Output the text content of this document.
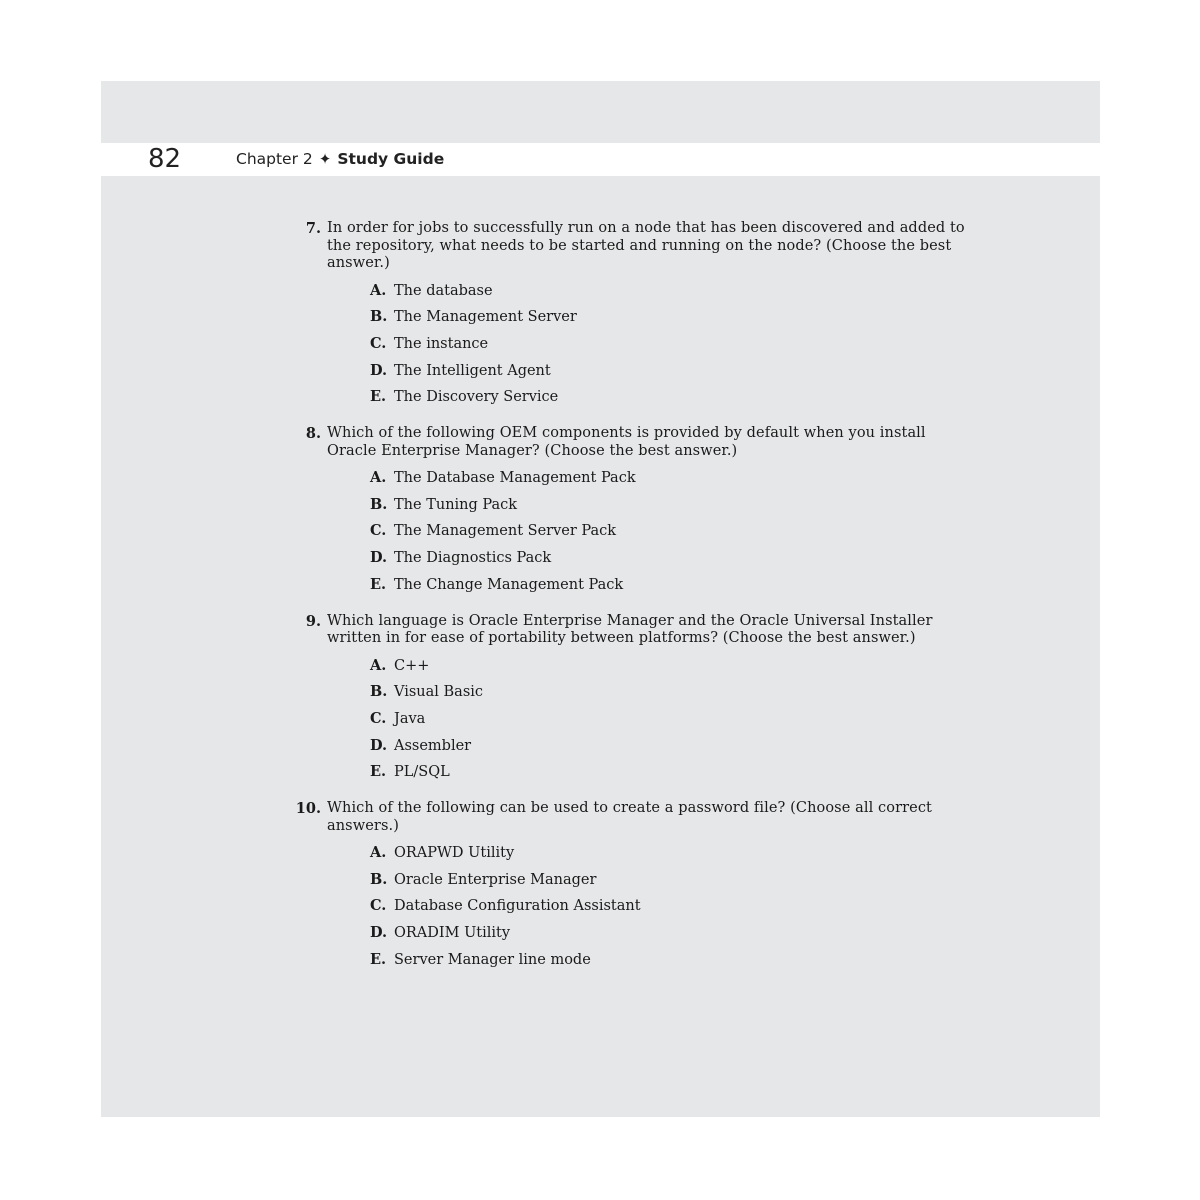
82	Chapter 2 ✦ Study Guide
7. In order for jobs to successfully run on a node that has been discovered and added to the repository, what needs to be started and running on the node? (Choose the best answer.)
A. The database
B. The Management Server
C. The instance
D. The Intelligent Agent
E. The Discovery Service
8. Which of the following OEM components is provided by default when you install Oracle Enterprise Manager? (Choose the best answer.)
A. The Database Management Pack
B. The Tuning Pack
C. The Management Server Pack
D. The Diagnostics Pack
E. The Change Management Pack
9. Which language is Oracle Enterprise Manager and the Oracle Universal Installer written in for ease of portability between platforms? (Choose the best answer.)
A. C++
B. Visual Basic
C. Java
D. Assembler
E. PL/SQL
10. Which of the following can be used to create a password file? (Choose all correct answers.)
A. ORAPWD Utility
B. Oracle Enterprise Manager
C. Database Configuration Assistant
D. ORADIM Utility
E. Server Manager line mode
